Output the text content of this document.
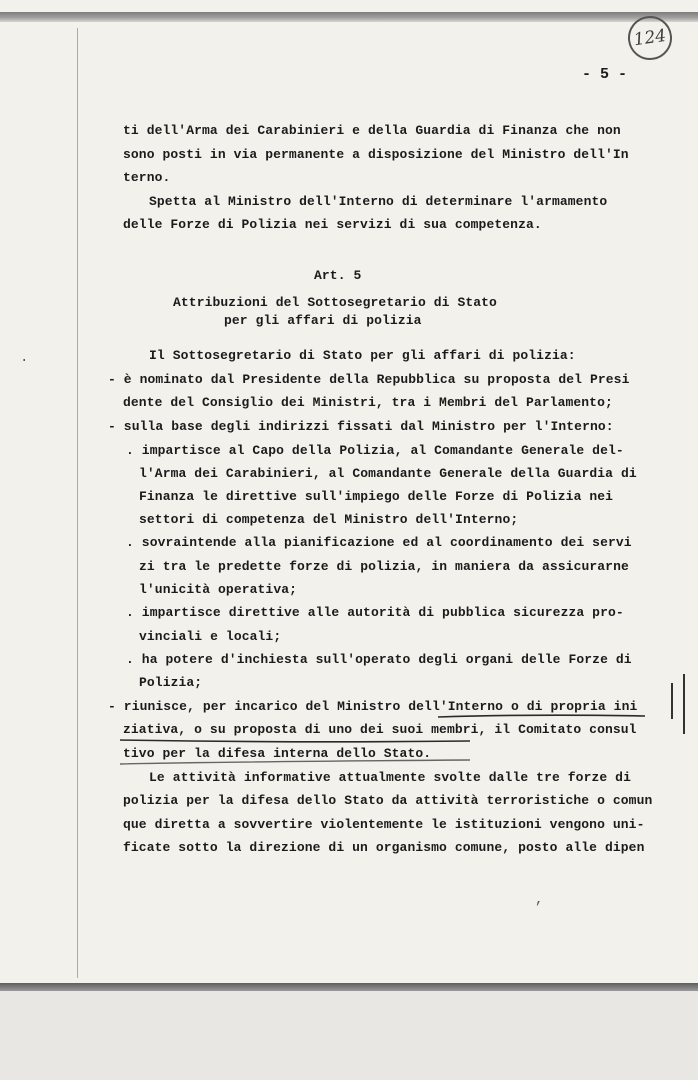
124
- 5 -
ti dell'Arma dei Carabinieri e della Guardia di Finanza che non
sono posti in via permanente a disposizione del Ministro dell'In
terno.
Spetta al Ministro dell'Interno di determinare l'armamento
delle Forze di Polizia nei servizi di sua competenza.
Art. 5
Attribuzioni del Sottosegretario di Stato
per gli affari di polizia
Il Sottosegretario di Stato per gli affari di polizia:
- è nominato dal Presidente della Repubblica su proposta del Presi
dente del Consiglio dei Ministri, tra i Membri del Parlamento;
- sulla base degli indirizzi fissati dal Ministro per l'Interno:
. impartisce al Capo della Polizia, al Comandante Generale del-
l'Arma dei Carabinieri, al Comandante Generale della Guardia di
Finanza le direttive sull'impiego delle Forze di Polizia nei
settori di competenza del Ministro dell'Interno;
. sovraintende alla pianificazione ed al coordinamento dei servi
zi tra le predette forze di polizia, in maniera da assicurarne
l'unicità operativa;
. impartisce direttive alle autorità di pubblica sicurezza pro-
vinciali e locali;
. ha potere d'inchiesta sull'operato degli organi delle Forze di
Polizia;
- riunisce, per incarico del Ministro dell'Interno o di propria ini
ziativa, o su proposta di uno dei suoi membri, il Comitato consul
tivo per la difesa interna dello Stato.
Le attività informative attualmente svolte dalle tre forze di
polizia per la difesa dello Stato da attività terroristiche o comun
que diretta a sovvertire violentemente le istituzioni vengono uni-
ficate sotto la direzione di un organismo comune, posto alle dipen
,
.
